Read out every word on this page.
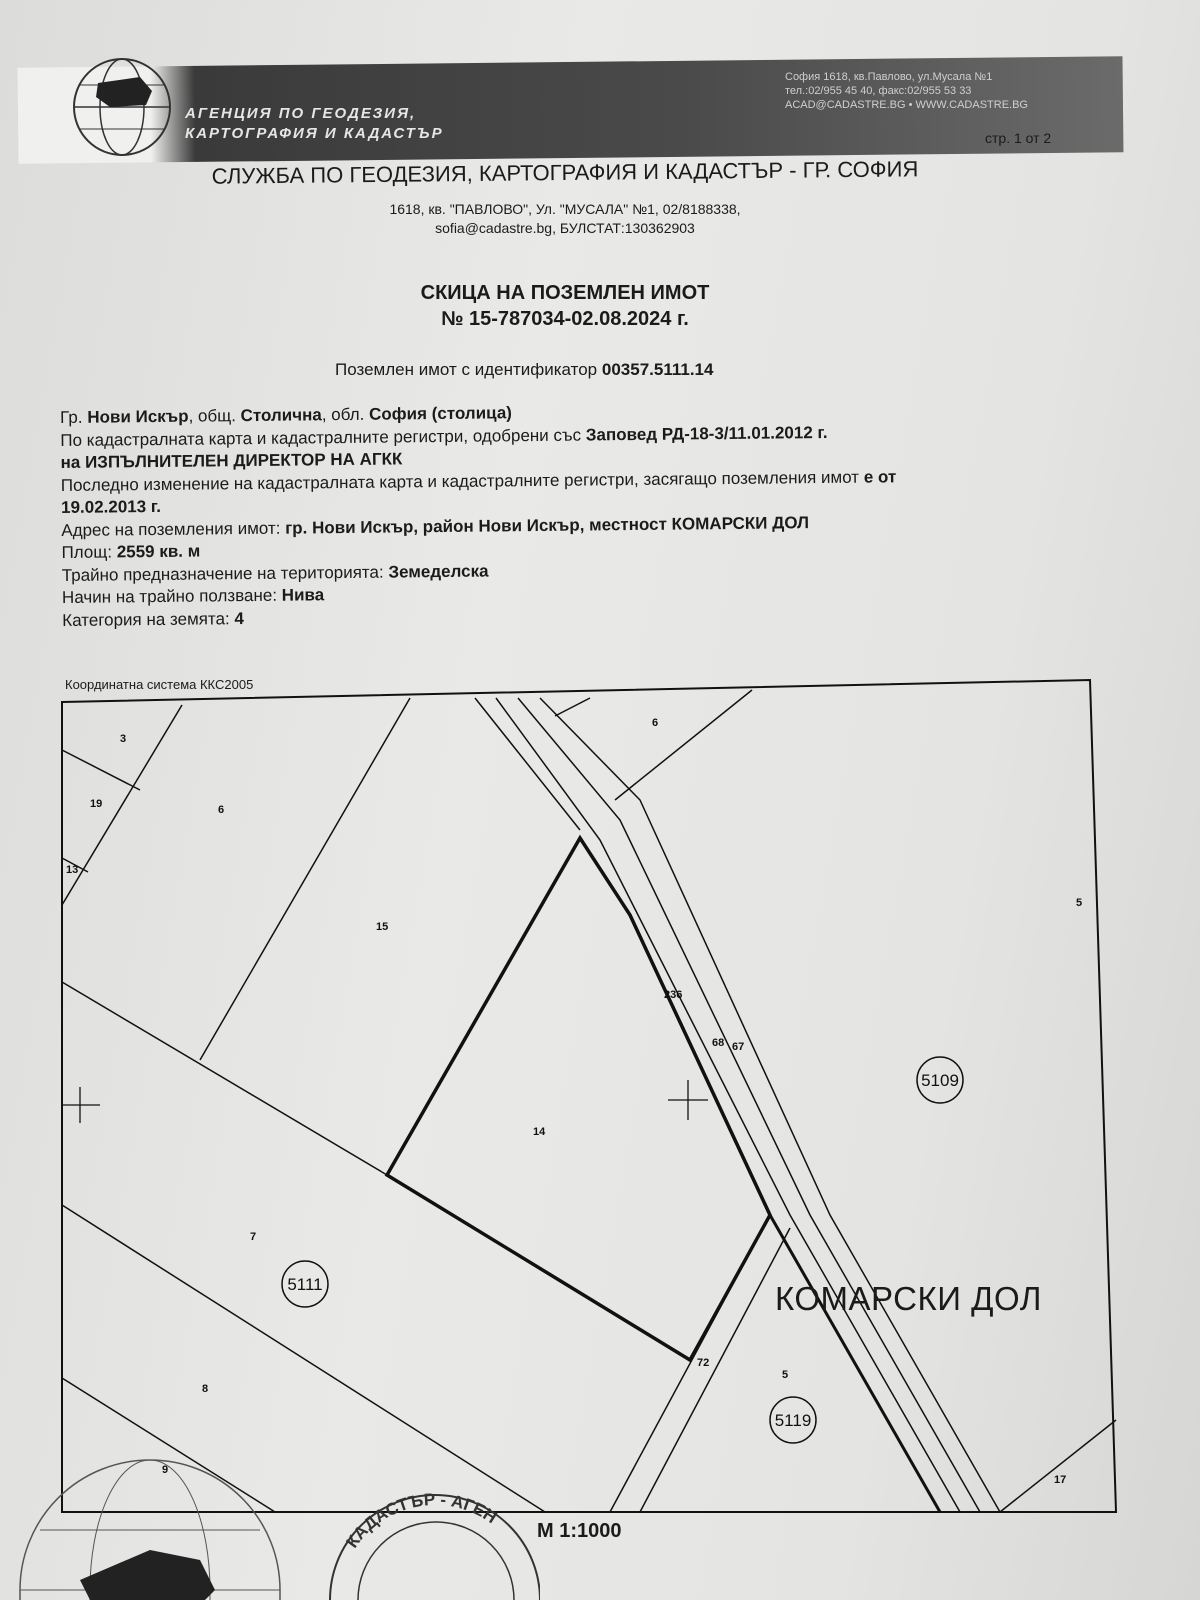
АГЕНЦИЯ ПО ГЕОДЕЗИЯ,
КАРТОГРАФИЯ И КАДАСТЪР
София 1618, кв.Павлово, ул.Мусала №1
тел.:02/955 45 40, факс:02/955 53 33
ACAD@CADASTRE.BG • WWW.CADASTRE.BG
стр. 1 от 2
СЛУЖБА ПО ГЕОДЕЗИЯ, КАРТОГРАФИЯ И КАДАСТЪР - ГР. СОФИЯ
1618, кв. "ПАВЛОВО", Ул. "МУСАЛА" №1, 02/8188338,
sofia@cadastre.bg, БУЛСТАТ:130362903
СКИЦА НА ПОЗЕМЛЕН ИМОТ
№ 15-787034-02.08.2024 г.
Поземлен имот с идентификатор 00357.5111.14
Гр. Нови Искър, общ. Столична, обл. София (столица)
По кадастралната карта и кадастралните регистри, одобрени със Заповед РД-18-3/11.01.2012 г.
на ИЗПЪЛНИТЕЛЕН ДИРЕКТОР НА АГКК
Последно изменение на кадастралната карта и кадастралните регистри, засягащо поземления имот е от
19.02.2013 г.
Адрес на поземления имот: гр. Нови Искър, район Нови Искър, местност КОМАРСКИ ДОЛ
Площ: 2559 кв. м
Трайно предназначение на територията: Земеделска
Начин на трайно ползване: Нива
Категория на земята: 4
Координатна система ККС2005
3
19
13
6
15
6
5
236
68 67
14
7
8
9
72
5
17
5109
5111
5119
КОМАРСКИ ДОЛ
М 1:1000
КАДАСТЪР - АГЕН
